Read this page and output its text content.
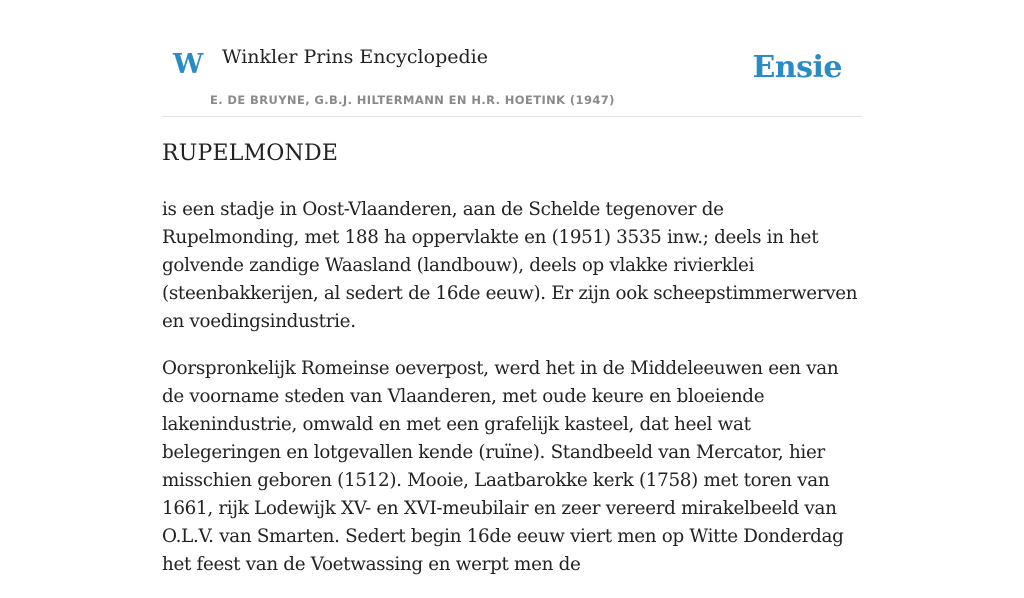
W Winkler Prins Encyclopedie
E. DE BRUYNE, G.B.J. HILTERMANN EN H.R. HOETINK (1947)
Ensie
RUPELMONDE

is een stadje in Oost-Vlaanderen, aan de Schelde tegenover de Rupelmonding, met 188 ha oppervlakte en (1951) 3535 inw.; deels in het golvende zandige Waasland (landbouw), deels op vlakke rivierklei (steenbakkerijen, al sedert de 16de eeuw). Er zijn ook scheepstimmerwerven en voedingsindustrie.

Oorspronkelijk Romeinse oeverpost, werd het in de Middeleeuwen een van de voorname steden van Vlaanderen, met oude keure en bloeiende lakenindustrie, omwald en met een grafelijk kasteel, dat heel wat belegeringen en lotgevallen kende (ruïne). Standbeeld van Mercator, hier misschien geboren (1512). Mooie, Laatbarokke kerk (1758) met toren van 1661, rijk Lodewijk XV- en XVI-meubilair en zeer vereerd mirakelbeeld van O.L.V. van Smarten. Sedert begin 16de eeuw viert men op Witte Donderdag het feest van de Voetwassing en werpt men de
